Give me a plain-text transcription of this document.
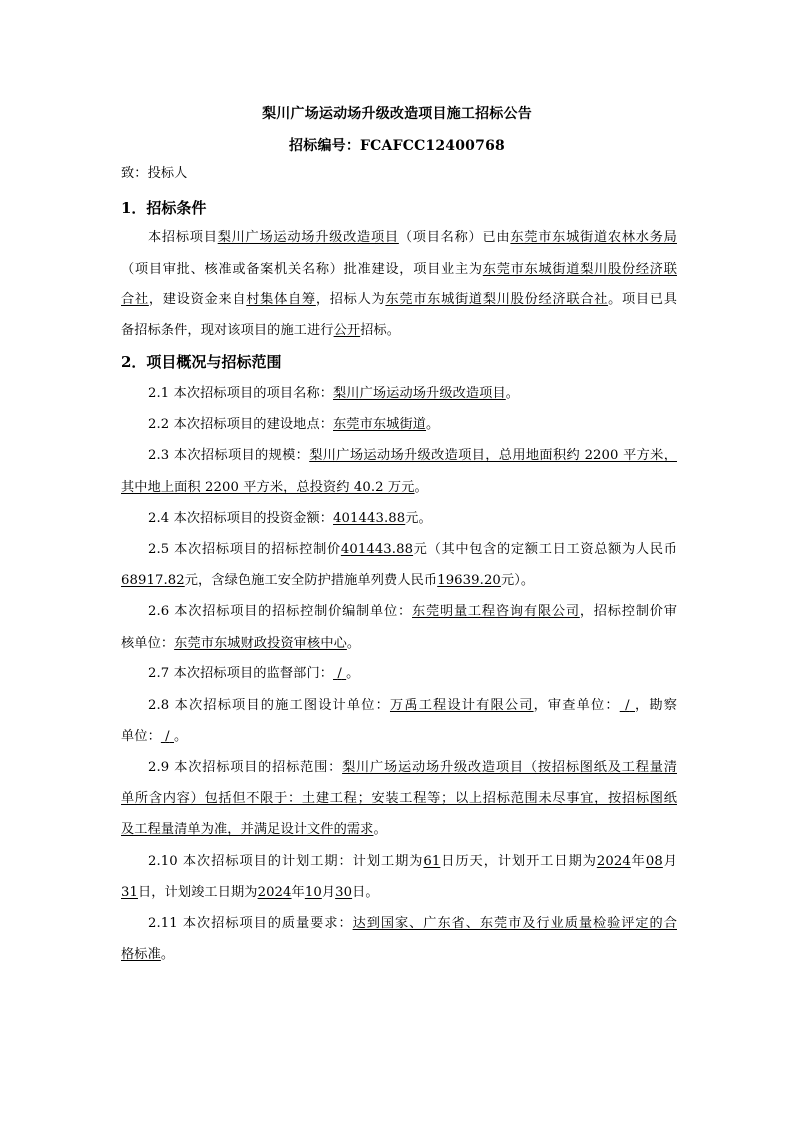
梨川广场运动场升级改造项目施工招标公告
招标编号：FCAFCC12400768
致：投标人
1．招标条件
本招标项目梨川广场运动场升级改造项目（项目名称）已由东莞市东城街道农林水务局
（项目审批、核准或备案机关名称）批准建设，项目业主为东莞市东城街道梨川股份经济联
合社，建设资金来自村集体自筹，招标人为东莞市东城街道梨川股份经济联合社。项目已具
备招标条件，现对该项目的施工进行公开招标。
2．项目概况与招标范围
2.1 本次招标项目的项目名称：梨川广场运动场升级改造项目。
2.2 本次招标项目的建设地点：东莞市东城街道。
2.3 本次招标项目的规模：梨川广场运动场升级改造项目，总用地面积约 2200 平方米，
其中地上面积 2200 平方米，总投资约 40.2 万元。
2.4 本次招标项目的投资金额：401443.88元。
2.5 本次招标项目的招标控制价401443.88元（其中包含的定额工日工资总额为人民币
68917.82元，含绿色施工安全防护措施单列费人民币19639.20元）。
2.6 本次招标项目的招标控制价编制单位：东莞明量工程咨询有限公司，招标控制价审
核单位：东莞市东城财政投资审核中心。
2.7 本次招标项目的监督部门： / 。
2.8 本次招标项目的施工图设计单位：万禹工程设计有限公司，审查单位： / ，勘察
单位： / 。
2.9 本次招标项目的招标范围：梨川广场运动场升级改造项目（按招标图纸及工程量清
单所含内容）包括但不限于：土建工程；安装工程等；以上招标范围未尽事宜，按招标图纸
及工程量清单为准，并满足设计文件的需求。
2.10 本次招标项目的计划工期：计划工期为61日历天，计划开工日期为2024年08月
31日，计划竣工日期为2024年10月30日。
2.11 本次招标项目的质量要求：达到国家、广东省、东莞市及行业质量检验评定的合
格标准。
